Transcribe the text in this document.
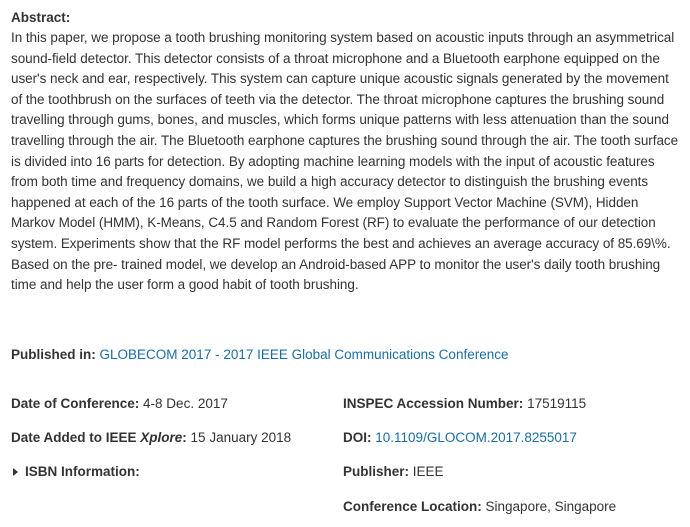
Abstract:

In this paper, we propose a tooth brushing monitoring system based on acoustic inputs through an asymmetrical sound-field detector. This detector consists of a throat microphone and a Bluetooth earphone equipped on the user's neck and ear, respectively. This system can capture unique acoustic signals generated by the movement of the toothbrush on the surfaces of teeth via the detector. The throat microphone captures the brushing sound travelling through gums, bones, and muscles, which forms unique patterns with less attenuation than the sound travelling through the air. The Bluetooth earphone captures the brushing sound through the air. The tooth surface is divided into 16 parts for detection. By adopting machine learning models with the input of acoustic features from both time and frequency domains, we build a high accuracy detector to distinguish the brushing events happened at each of the 16 parts of the tooth surface. We employ Support Vector Machine (SVM), Hidden Markov Model (HMM), K-Means, C4.5 and Random Forest (RF) to evaluate the performance of our detection system. Experiments show that the RF model performs the best and achieves an average accuracy of 85.69\%. Based on the pre- trained model, we develop an Android-based APP to monitor the user's daily tooth brushing time and help the user form a good habit of tooth brushing.

Published in: GLOBECOM 2017 - 2017 IEEE Global Communications Conference
Date of Conference: 4-8 Dec. 2017
Date Added to IEEE Xplore: 15 January 2018
ISBN Information:
INSPEC Accession Number: 17519115
DOI: 10.1109/GLOCOM.2017.8255017
Publisher: IEEE
Conference Location: Singapore, Singapore
